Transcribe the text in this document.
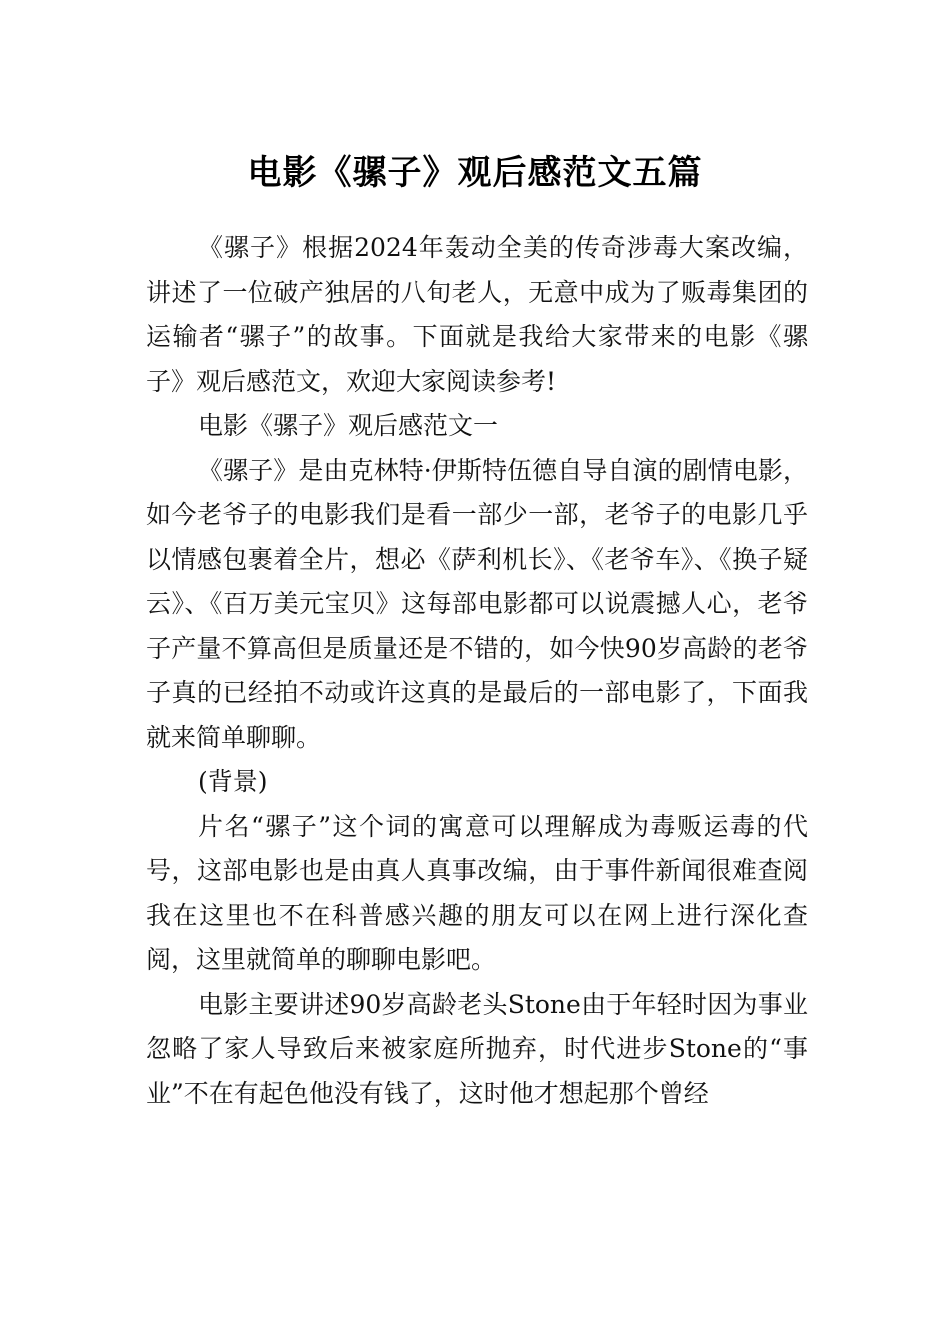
电影《骡子》观后感范文五篇

《骡子》根据2024年轰动全美的传奇涉毒大案改编，讲述了一位破产独居的八旬老人，无意中成为了贩毒集团的运输者“骡子”的故事。下面就是我给大家带来的电影《骡子》观后感范文，欢迎大家阅读参考!

电影《骡子》观后感范文一

《骡子》是由克林特·伊斯特伍德自导自演的剧情电影，如今老爷子的电影我们是看一部少一部，老爷子的电影几乎以情感包裹着全片，想必《萨利机长》、《老爷车》、《换子疑云》、《百万美元宝贝》这每部电影都可以说震撼人心，老爷子产量不算高但是质量还是不错的，如今快90岁高龄的老爷子真的已经拍不动或许这真的是最后的一部电影了，下面我就来简单聊聊。

(背景)

片名“骡子”这个词的寓意可以理解成为毒贩运毒的代号，这部电影也是由真人真事改编，由于事件新闻很难查阅我在这里也不在科普感兴趣的朋友可以在网上进行深化查阅，这里就简单的聊聊电影吧。

电影主要讲述90岁高龄老头Stone由于年轻时因为事业忽略了家人导致后来被家庭所抛弃，时代进步Stone的“事业”不在有起色他没有钱了，这时他才想起那个曾经
